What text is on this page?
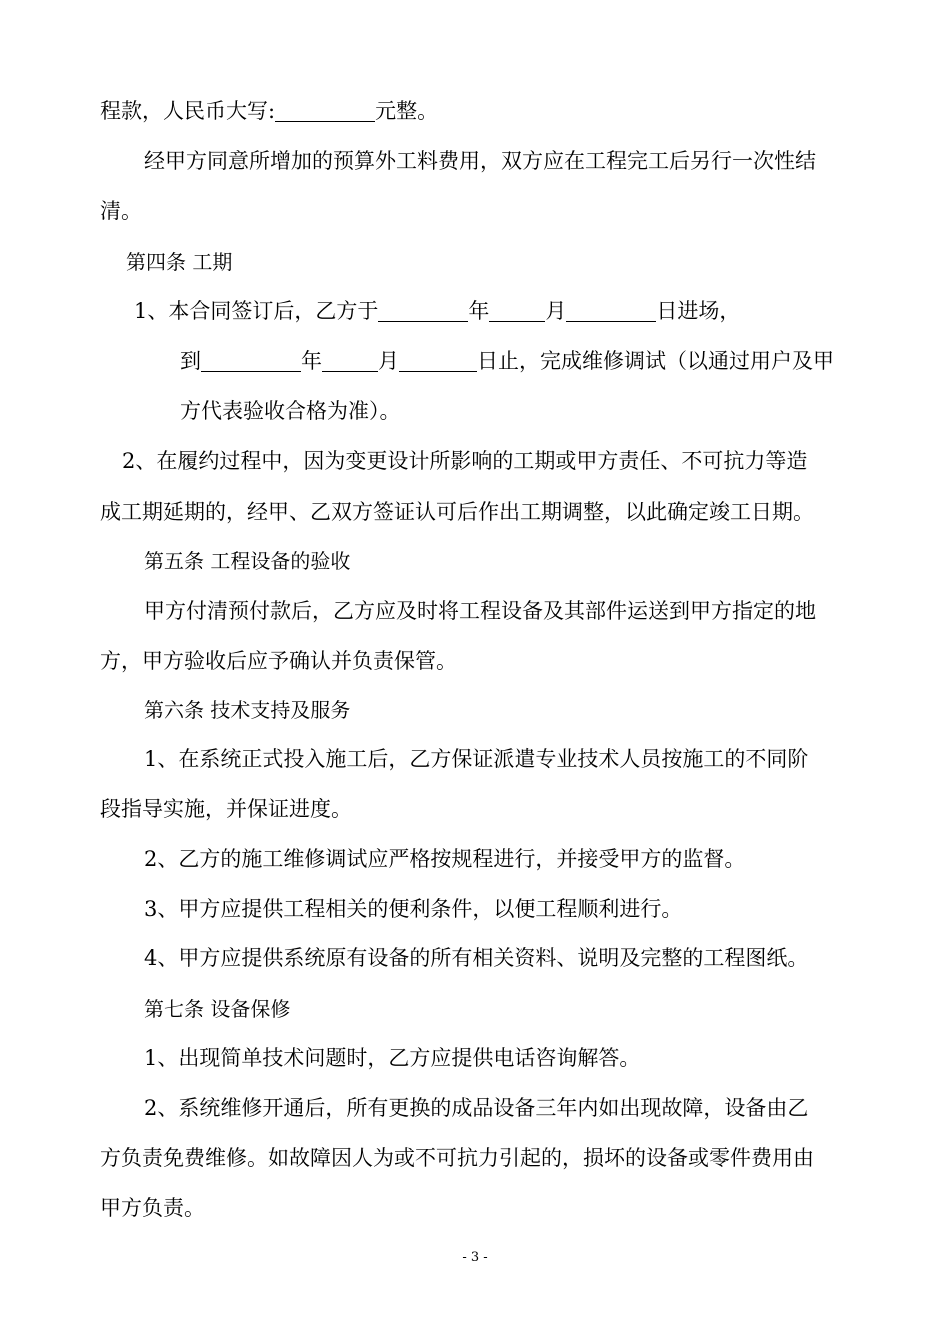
程款，人民币大写:	元整。
经甲方同意所增加的预算外工料费用，双方应在工程完工后另行一次性结
清。
第四条 工期
1、本合同签订后，乙方于	年	月	日进场，
到	年	月	日止，完成维修调试（以通过用户及甲
方代表验收合格为准）。
2、在履约过程中，因为变更设计所影响的工期或甲方责任、不可抗力等造
成工期延期的，经甲、乙双方签证认可后作出工期调整，以此确定竣工日期。
第五条 工程设备的验收
甲方付清预付款后，乙方应及时将工程设备及其部件运送到甲方指定的地
方，甲方验收后应予确认并负责保管。
第六条 技术支持及服务
1、在系统正式投入施工后，乙方保证派遣专业技术人员按施工的不同阶
段指导实施，并保证进度。
2、乙方的施工维修调试应严格按规程进行，并接受甲方的监督。
3、甲方应提供工程相关的便利条件，以便工程顺利进行。
4、甲方应提供系统原有设备的所有相关资料、说明及完整的工程图纸。
第七条 设备保修
1、出现简单技术问题时，乙方应提供电话咨询解答。
2、系统维修开通后，所有更换的成品设备三年内如出现故障，设备由乙
方负责免费维修。如故障因人为或不可抗力引起的，损坏的设备或零件费用由
甲方负责。
- 3 -
